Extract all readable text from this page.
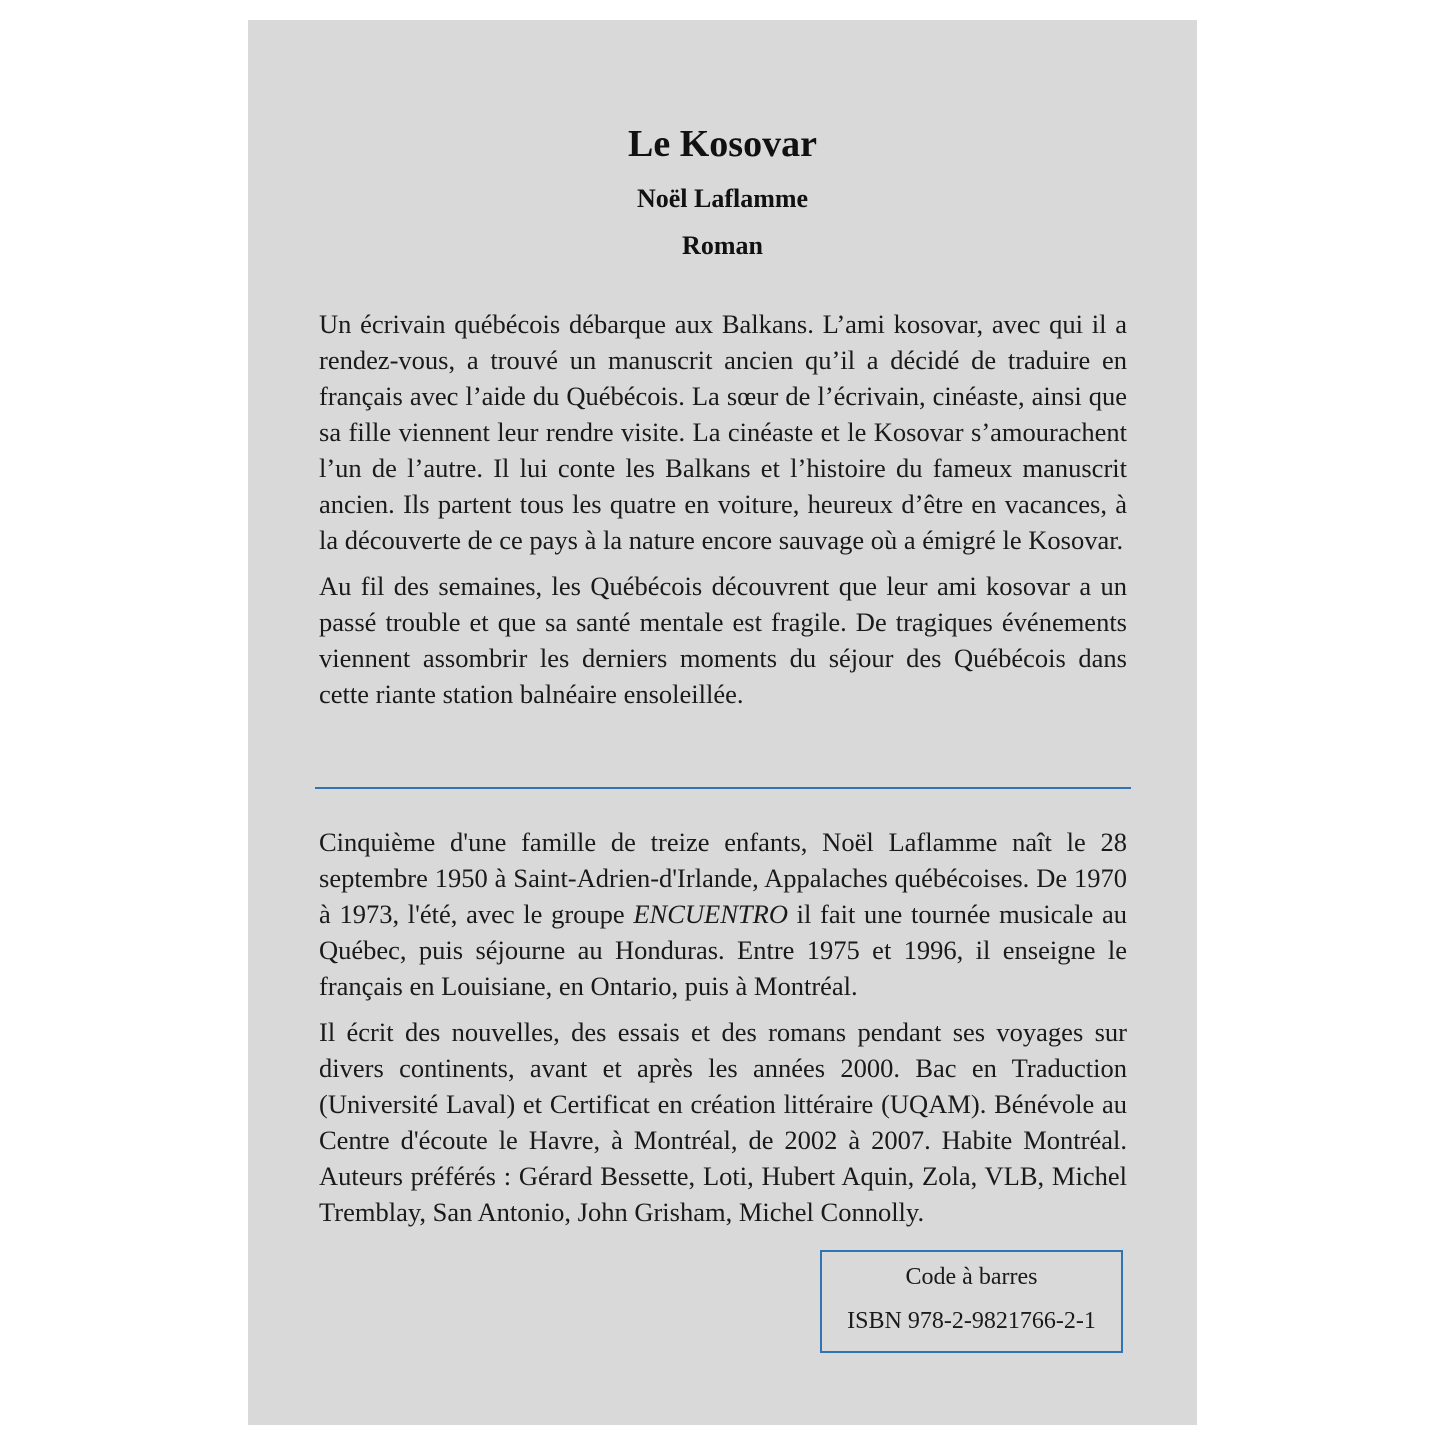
Le Kosovar
Noël Laflamme
Roman

Un écrivain québécois débarque aux Balkans. L’ami kosovar, avec qui il a rendez-vous, a trouvé un manuscrit ancien qu’il a décidé de traduire en français avec l’aide du Québécois. La sœur de l’écrivain, cinéaste, ainsi que sa fille viennent leur rendre visite. La cinéaste et le Kosovar s’amourachent l’un de l’autre. Il lui conte les Balkans et l’histoire du fameux manuscrit ancien. Ils partent tous les quatre en voiture, heureux d’être en vacances, à la découverte de ce pays à la nature encore sauvage où a émigré le Kosovar.

Au fil des semaines, les Québécois découvrent que leur ami kosovar a un passé trouble et que sa santé mentale est fragile. De tragiques événements viennent assombrir les derniers moments du séjour des Québécois dans cette riante station balnéaire ensoleillée.

Cinquième d'une famille de treize enfants, Noël Laflamme naît le 28 septembre 1950 à Saint-Adrien-d'Irlande, Appalaches québécoises. De 1970 à 1973, l'été, avec le groupe ENCUENTRO il fait une tournée musicale au Québec, puis séjourne au Honduras. Entre 1975 et 1996, il enseigne le français en Louisiane, en Ontario, puis à Montréal.

Il écrit des nouvelles, des essais et des romans pendant ses voyages sur divers continents, avant et après les années 2000. Bac en Traduction (Université Laval) et Certificat en création littéraire (UQAM). Bénévole au Centre d'écoute le Havre, à Montréal, de 2002 à 2007. Habite Montréal. Auteurs préférés : Gérard Bessette, Loti, Hubert Aquin, Zola, VLB, Michel Tremblay, San Antonio, John Grisham, Michel Connolly.

Code à barres
ISBN 978-2-9821766-2-1
